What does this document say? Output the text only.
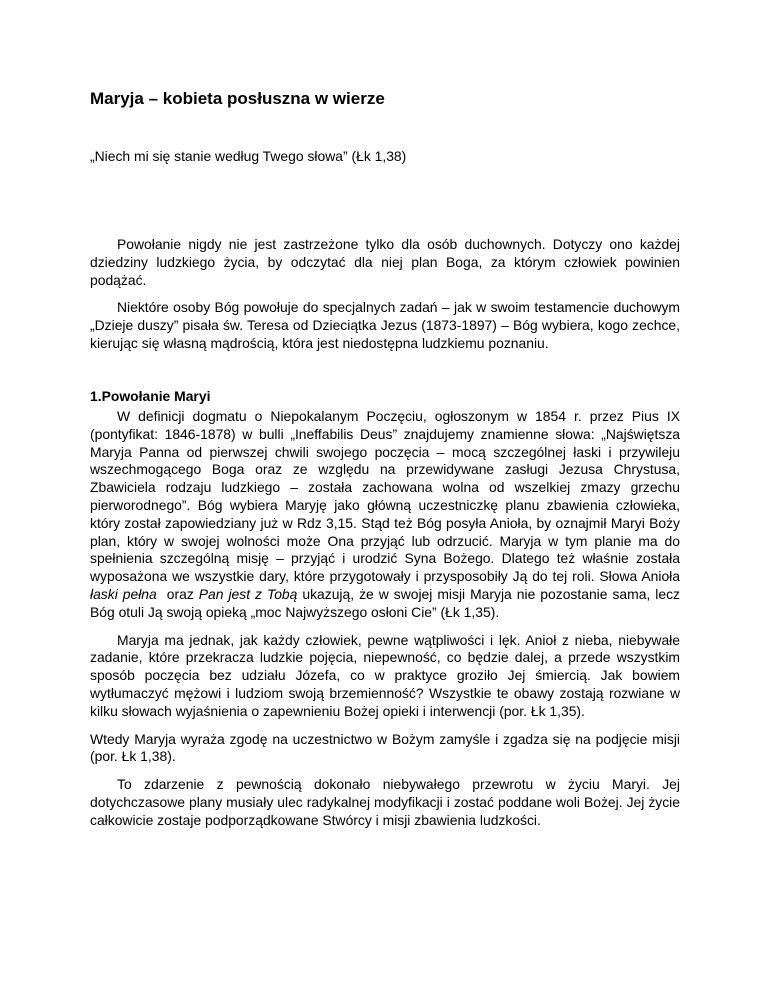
Maryja – kobieta posłuszna w wierze

„Niech mi się stanie według Twego słowa” (Łk 1,38)

Powołanie nigdy nie jest zastrzeżone tylko dla osób duchownych. Dotyczy ono każdej dziedziny ludzkiego życia, by odczytać dla niej plan Boga, za którym człowiek powinien podążać.

Niektóre osoby Bóg powołuje do specjalnych zadań – jak w swoim testamencie duchowym „Dzieje duszy” pisała św. Teresa od Dzieciątka Jezus (1873-1897) – Bóg wybiera, kogo zechce, kierując się własną mądrością, która jest niedostępna ludzkiemu poznaniu.

1.Powołanie Maryi

W definicji dogmatu o Niepokalanym Poczęciu, ogłoszonym w 1854 r. przez Pius IX (pontyfikat: 1846-1878) w bulli „Ineffabilis Deus” znajdujemy znamienne słowa: „Najświętsza Maryja Panna od pierwszej chwili swojego poczęcia – mocą szczególnej łaski i przywileju wszechmogącego Boga oraz ze względu na przewidywane zasługi Jezusa Chrystusa, Zbawiciela rodzaju ludzkiego – została zachowana wolna od wszelkiej zmazy grzechu pierworodnego”. Bóg wybiera Maryję jako główną uczestniczkę planu zbawienia człowieka, który został zapowiedziany już w Rdz 3,15. Stąd też Bóg posyła Anioła, by oznajmił Maryi Boży plan, który w swojej wolności może Ona przyjąć lub odrzucić. Maryja w tym planie ma do spełnienia szczególną misję – przyjąć i urodzić Syna Bożego. Dlatego też właśnie została wyposażona we wszystkie dary, które przygotowały i przysposobiły Ją do tej roli. Słowa Anioła łaski pełna  oraz Pan jest z Tobą ukazują, że w swojej misji Maryja nie pozostanie sama, lecz Bóg otuli Ją swoją opieką „moc Najwyższego osłoni Cie” (Łk 1,35).

Maryja ma jednak, jak każdy człowiek, pewne wątpliwości i lęk. Anioł z nieba, niebywałe zadanie, które przekracza ludzkie pojęcia, niepewność, co będzie dalej, a przede wszystkim sposób poczęcia bez udziału Józefa, co w praktyce groziło Jej śmiercią. Jak bowiem wytłumaczyć mężowi i ludziom swoją brzemienność? Wszystkie te obawy zostają rozwiane w kilku słowach wyjaśnienia o zapewnieniu Bożej opieki i interwencji (por. Łk 1,35).

Wtedy Maryja wyraża zgodę na uczestnictwo w Bożym zamyśle i zgadza się na podjęcie misji (por. Łk 1,38).

To zdarzenie z pewnością dokonało niebywałego przewrotu w życiu Maryi. Jej dotychczasowe plany musiały ulec radykalnej modyfikacji i zostać poddane woli Bożej. Jej życie całkowicie zostaje podporządkowane Stwórcy i misji zbawienia ludzkości.
